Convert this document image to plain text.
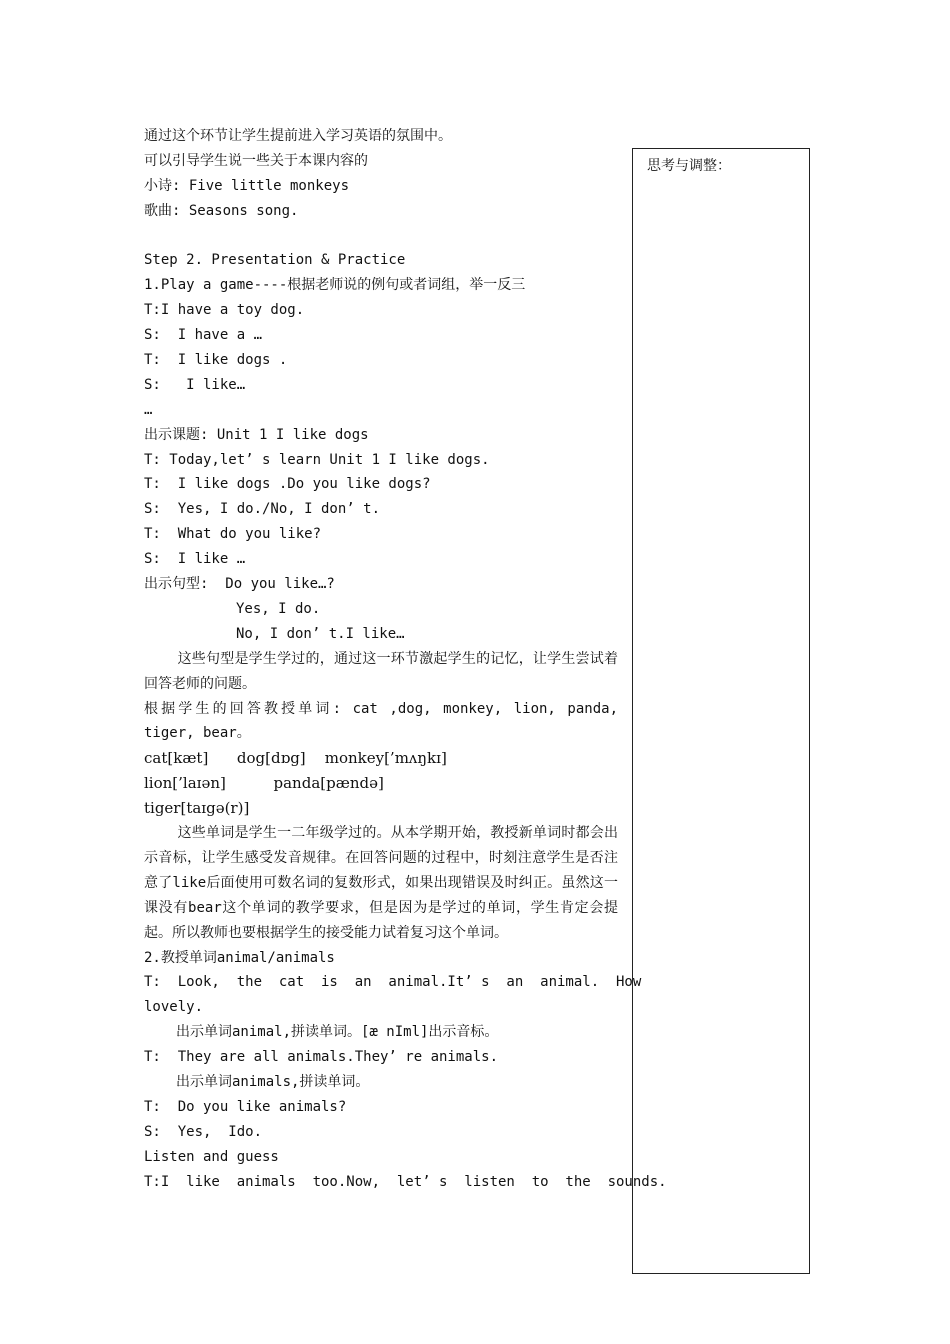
通过这个环节让学生提前进入学习英语的氛围中。
可以引导学生说一些关于本课内容的
小诗: Five little monkeys
歌曲: Seasons song.
Step 2. Presentation & Practice
1.Play a game----根据老师说的例句或者词组，举一反三
T:I have a toy dog.
S:  I have a …
T:  I like dogs .
S:   I like…
…
出示课题: Unit 1 I like dogs
T: Today,let’ s learn Unit 1 I like dogs.
T:  I like dogs .Do you like dogs?
S:  Yes, I do./No, I don’ t.
T:  What do you like?
S:  I like …
出示句型:  Do you like…?
Yes, I do.
No, I don’ t.I like…
这些句型是学生学过的，通过这一环节激起学生的记忆，让学生尝试着回答老师的问题。
根据学生的回答教授单词: cat ,dog, monkey, lion, panda,
tiger, bear。
cat[kæt]      dog[dɒg]    monkey[’mʌŋkɪ]
lion[’laɪən]          panda[pændə]
tiger[taɪgə(r)]
这些单词是学生一二年级学过的。从本学期开始，教授新单词时都会出示音标，让学生感受发音规律。在回答问题的过程中，时刻注意学生是否注意了like后面使用可数名词的复数形式，如果出现错误及时纠正。虽然这一课没有bear这个单词的教学要求，但是因为是学过的单词，学生肯定会提起。所以教师也要根据学生的接受能力试着复习这个单词。
2.教授单词animal/animals
T:  Look,  the  cat  is  an  animal.It’ s  an  animal.  How
lovely.
出示单词animal,拼读单词。[æ nIml]出示音标。
T:  They are all animals.They’ re animals.
出示单词animals,拼读单词。
T:  Do you like animals?
S:  Yes,  Ido.
Listen and guess
T:I  like  animals  too.Now,  let’ s  listen  to  the  sounds.
思考与调整：
